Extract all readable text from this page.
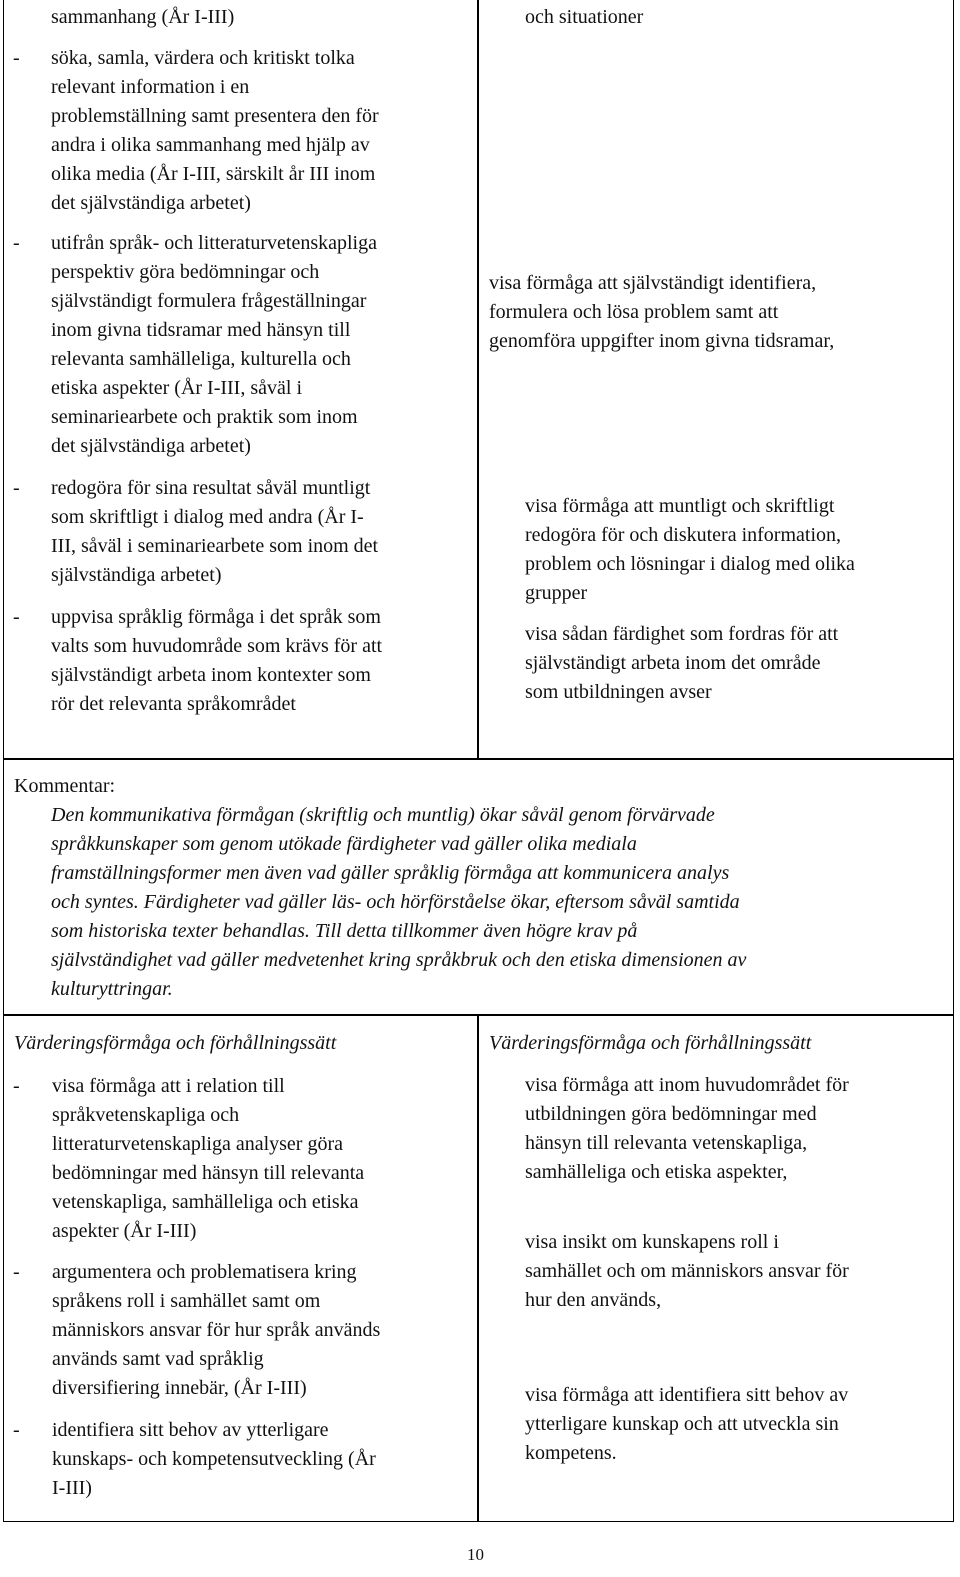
sammanhang (År I-III)
- söka, samla, värdera och kritiskt tolka
relevant information i en
problemställning samt presentera den för
andra i olika sammanhang med hjälp av
olika media (År I-III, särskilt år III inom
det självständiga arbetet)
- utifrån språk- och litteraturvetenskapliga
perspektiv göra bedömningar och
självständigt formulera frågeställningar
inom givna tidsramar med hänsyn till
relevanta samhälleliga, kulturella och
etiska aspekter (År I-III, såväl i
seminariearbete och praktik som inom
det självständiga arbetet)
- redogöra för sina resultat såväl muntligt
som skriftligt i dialog med andra (År I-
III, såväl i seminariearbete som inom det
självständiga arbetet)
- uppvisa språklig förmåga i det språk som
valts som huvudområde som krävs för att
självständigt arbeta inom kontexter som
rör det relevanta språkområdet
och situationer
visa förmåga att självständigt identifiera,
formulera och lösa problem samt att
genomföra uppgifter inom givna tidsramar,
visa förmåga att muntligt och skriftligt
redogöra för och diskutera information,
problem och lösningar i dialog med olika
grupper
visa sådan färdighet som fordras för att
självständigt arbeta inom det område
som utbildningen avser
Kommentar:
Den kommunikativa förmågan (skriftlig och muntlig) ökar såväl genom förvärvade
språkkunskaper som genom utökade färdigheter vad gäller olika mediala
framställningsformer men även vad gäller språklig förmåga att kommunicera analys
och syntes. Färdigheter vad gäller läs- och hörförståelse ökar, eftersom såväl samtida
som historiska texter behandlas. Till detta tillkommer även högre krav på
självständighet vad gäller medvetenhet kring språkbruk och den etiska dimensionen av
kulturyttringar.
Värderingsförmåga och förhållningssätt
- visa förmåga att i relation till
språkvetenskapliga och
litteraturvetenskapliga analyser göra
bedömningar med hänsyn till relevanta
vetenskapliga, samhälleliga och etiska
aspekter (År I-III)
- argumentera och problematisera kring
språkens roll i samhället samt om
människors ansvar för hur språk används
används samt vad språklig
diversifiering innebär, (År I-III)
- identifiera sitt behov av ytterligare
kunskaps- och kompetensutveckling (År
I-III)
Värderingsförmåga och förhållningssätt
visa förmåga att inom huvudområdet för
utbildningen göra bedömningar med
hänsyn till relevanta vetenskapliga,
samhälleliga och etiska aspekter,
visa insikt om kunskapens roll i
samhället och om människors ansvar för
hur den används,
visa förmåga att identifiera sitt behov av
ytterligare kunskap och att utveckla sin
kompetens.
10
